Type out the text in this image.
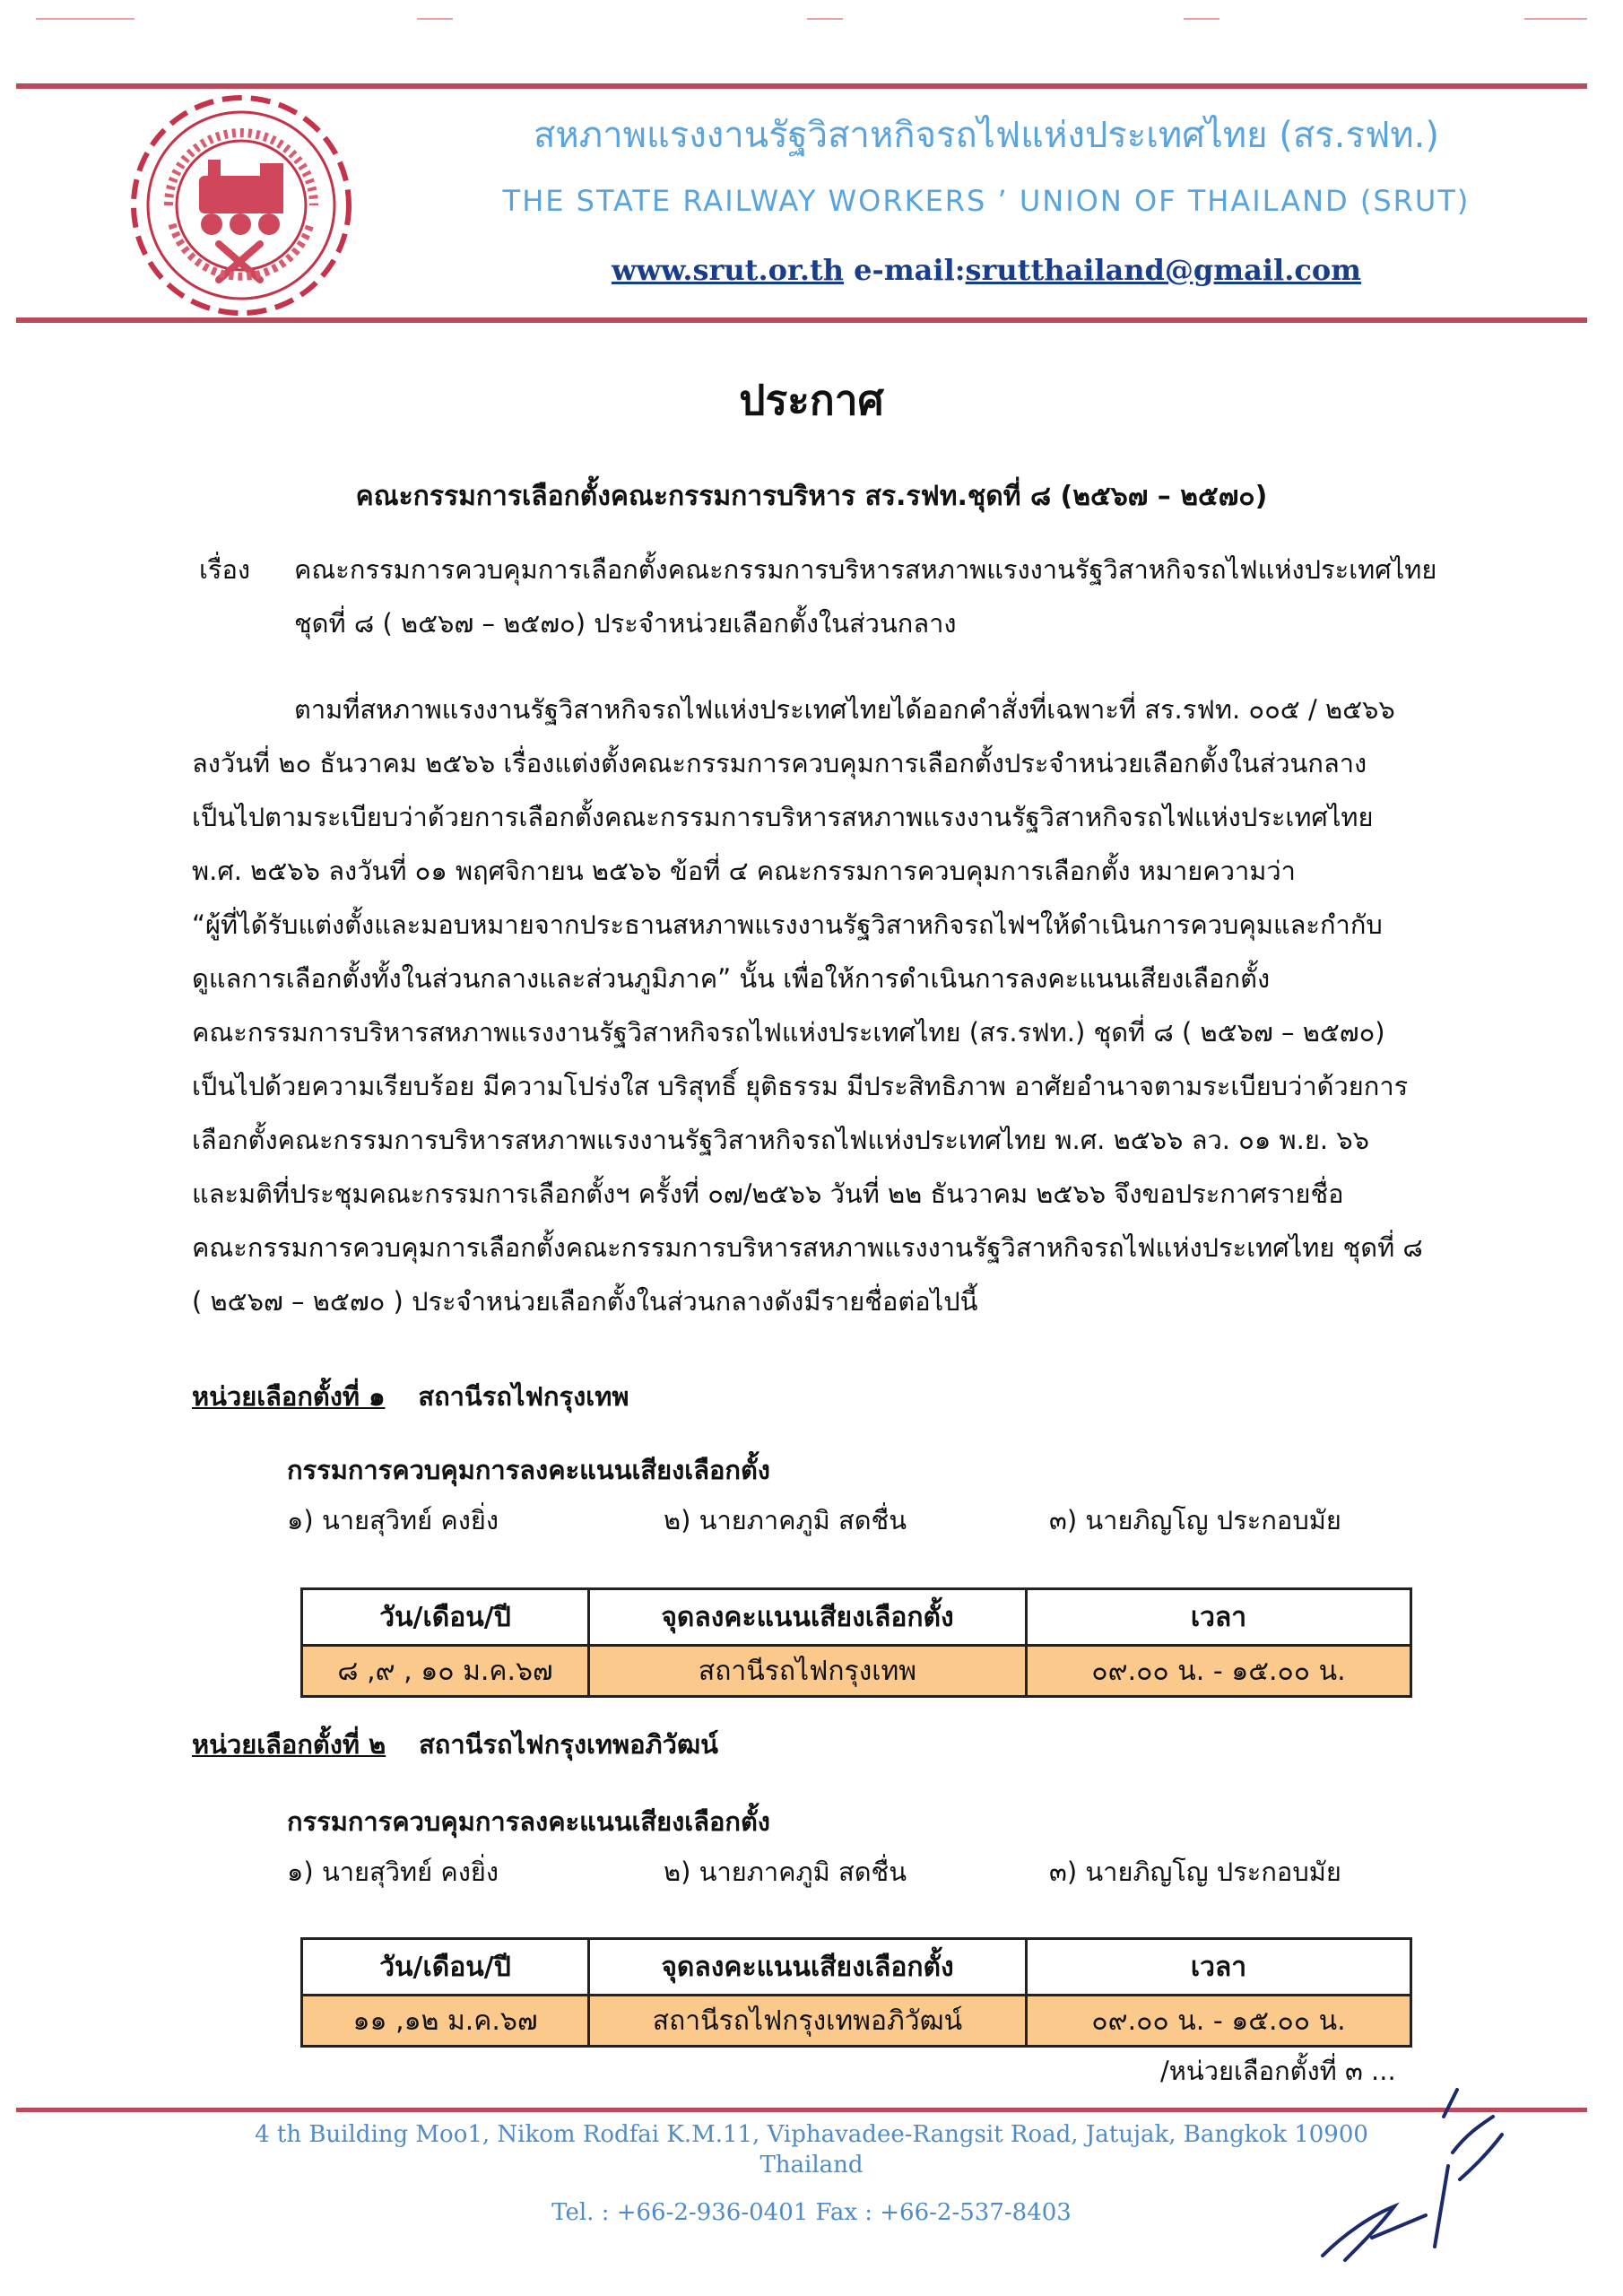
สหภาพแรงงานรัฐวิสาหกิจรถไฟแห่งประเทศไทย (สร.รฟท.)
THE STATE RAILWAY WORKERS ’ UNION OF THAILAND (SRUT)
www.srut.or.th e-mail:srutthailand@gmail.com
ประกาศ
คณะกรรมการเลือกตั้งคณะกรรมการบริหาร สร.รฟท.ชุดที่ ๘ (๒๕๖๗ – ๒๕๗๐)
เรื่อง คณะกรรมการควบคุมการเลือกตั้งคณะกรรมการบริหารสหภาพแรงงานรัฐวิสาหกิจรถไฟแห่งประเทศไทย
ชุดที่ ๘ ( ๒๕๖๗ – ๒๕๗๐) ประจำหน่วยเลือกตั้งในส่วนกลาง
ตามที่สหภาพแรงงานรัฐวิสาหกิจรถไฟแห่งประเทศไทยได้ออกคำสั่งที่เฉพาะที่ สร.รฟท. ๐๐๕ / ๒๕๖๖
ลงวันที่ ๒๐ ธันวาคม ๒๕๖๖ เรื่องแต่งตั้งคณะกรรมการควบคุมการเลือกตั้งประจำหน่วยเลือกตั้งในส่วนกลาง
เป็นไปตามระเบียบว่าด้วยการเลือกตั้งคณะกรรมการบริหารสหภาพแรงงานรัฐวิสาหกิจรถไฟแห่งประเทศไทย
พ.ศ. ๒๕๖๖ ลงวันที่ ๐๑ พฤศจิกายน ๒๕๖๖ ข้อที่ ๔ คณะกรรมการควบคุมการเลือกตั้ง หมายความว่า
“ผู้ที่ได้รับแต่งตั้งและมอบหมายจากประธานสหภาพแรงงานรัฐวิสาหกิจรถไฟฯให้ดำเนินการควบคุมและกำกับ
ดูแลการเลือกตั้งทั้งในส่วนกลางและส่วนภูมิภาค” นั้น เพื่อให้การดำเนินการลงคะแนนเสียงเลือกตั้ง
คณะกรรมการบริหารสหภาพแรงงานรัฐวิสาหกิจรถไฟแห่งประเทศไทย (สร.รฟท.) ชุดที่ ๘ ( ๒๕๖๗ – ๒๕๗๐)
เป็นไปด้วยความเรียบร้อย มีความโปร่งใส บริสุทธิ์ ยุติธรรม มีประสิทธิภาพ อาศัยอำนาจตามระเบียบว่าด้วยการ
เลือกตั้งคณะกรรมการบริหารสหภาพแรงงานรัฐวิสาหกิจรถไฟแห่งประเทศไทย พ.ศ. ๒๕๖๖ ลว. ๐๑ พ.ย. ๖๖
และมติที่ประชุมคณะกรรมการเลือกตั้งฯ ครั้งที่ ๐๗/๒๕๖๖ วันที่ ๒๒ ธันวาคม ๒๕๖๖ จึงขอประกาศรายชื่อ
คณะกรรมการควบคุมการเลือกตั้งคณะกรรมการบริหารสหภาพแรงงานรัฐวิสาหกิจรถไฟแห่งประเทศไทย ชุดที่ ๘
( ๒๕๖๗ – ๒๕๗๐ ) ประจำหน่วยเลือกตั้งในส่วนกลางดังมีรายชื่อต่อไปนี้
หน่วยเลือกตั้งที่ ๑ สถานีรถไฟกรุงเทพ
กรรมการควบคุมการลงคะแนนเสียงเลือกตั้ง
๑) นายสุวิทย์ คงยิ่ง	๒) นายภาคภูมิ สดชื่น	๓) นายภิญโญ ประกอบมัย
วัน/เดือน/ปี	จุดลงคะแนนเสียงเลือกตั้ง	เวลา
๘ ,๙ , ๑๐ ม.ค.๖๗	สถานีรถไฟกรุงเทพ	๐๙.๐๐ น. - ๑๕.๐๐ น.
หน่วยเลือกตั้งที่ ๒ สถานีรถไฟกรุงเทพอภิวัฒน์
กรรมการควบคุมการลงคะแนนเสียงเลือกตั้ง
๑) นายสุวิทย์ คงยิ่ง	๒) นายภาคภูมิ สดชื่น	๓) นายภิญโญ ประกอบมัย
วัน/เดือน/ปี	จุดลงคะแนนเสียงเลือกตั้ง	เวลา
๑๑ ,๑๒ ม.ค.๖๗	สถานีรถไฟกรุงเทพอภิวัฒน์	๐๙.๐๐ น. - ๑๕.๐๐ น.
/หน่วยเลือกตั้งที่ ๓ ...
4 th Building Moo1, Nikom Rodfai K.M.11, Viphavadee-Rangsit Road, Jatujak, Bangkok 10900
Thailand
Tel. : +66-2-936-0401 Fax : +66-2-537-8403
